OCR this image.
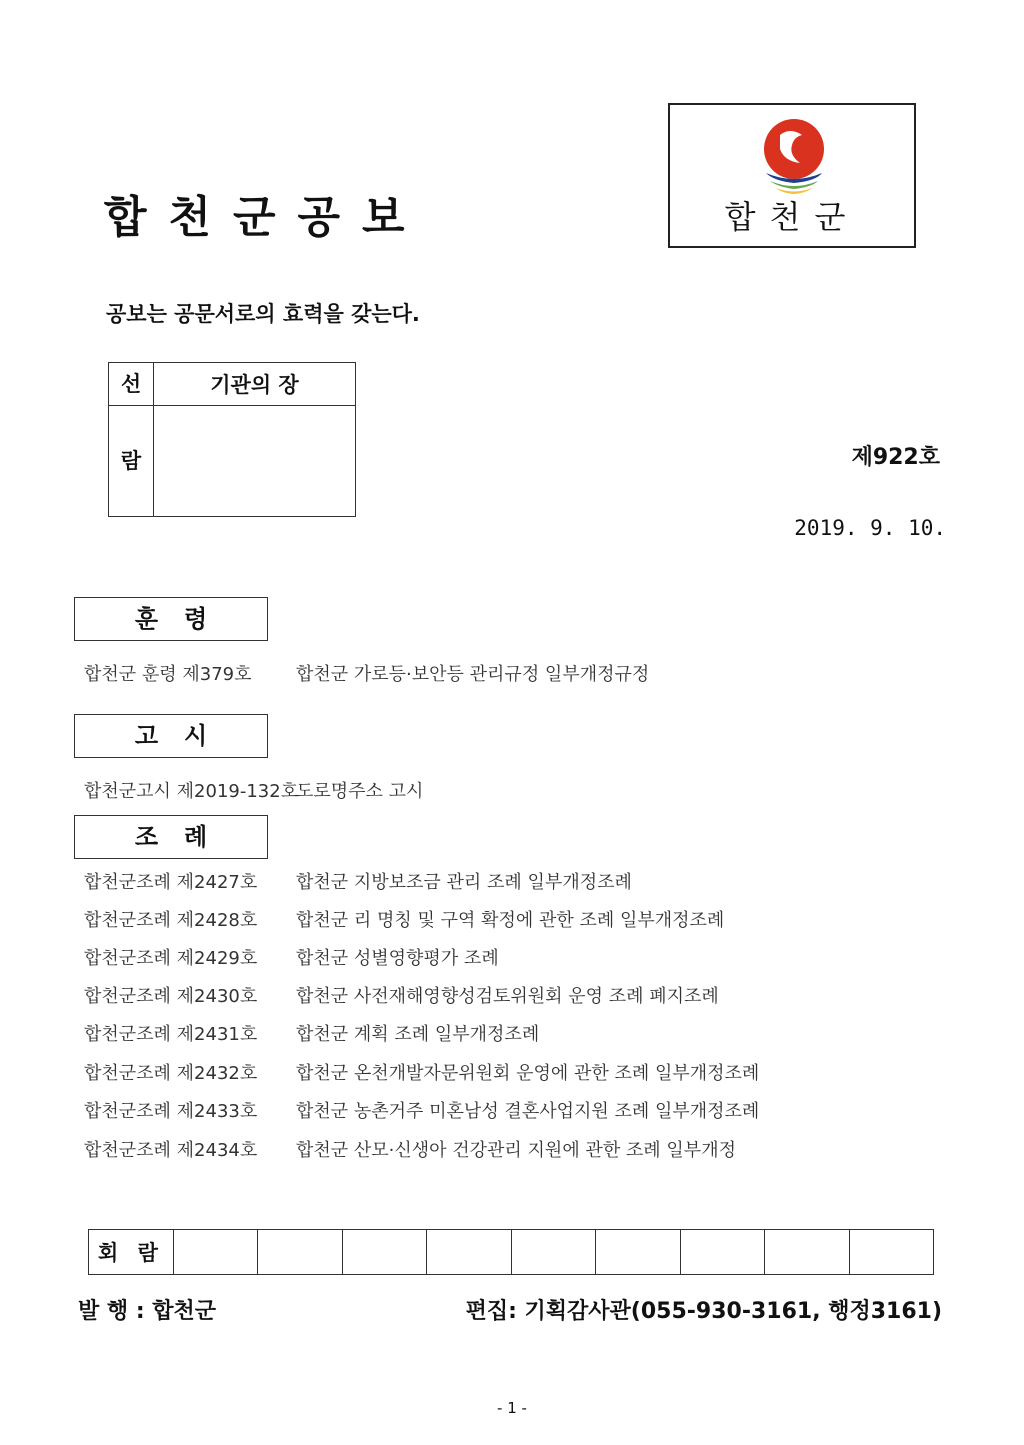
합천군공보	합천군
공보는 공문서로의 효력을 갖는다.
선	기관의 장
람		제922호
2019. 9. 10.
훈령
합천군 훈령 제379호 합천군 가로등·보안등 관리규정 일부개정규정
고시
합천군고시 제2019-132호도로명주소 고시
조례
합천군조례 제2427호 합천군 지방보조금 관리 조례 일부개정조례
합천군조례 제2428호 합천군 리 명칭 및 구역 확정에 관한 조례 일부개정조례
합천군조례 제2429호 합천군 성별영향평가 조례
합천군조례 제2430호 합천군 사전재해영향성검토위원회 운영 조례 폐지조례
합천군조례 제2431호 합천군 계획 조례 일부개정조례
합천군조례 제2432호 합천군 온천개발자문위원회 운영에 관한 조례 일부개정조례
합천군조례 제2433호 합천군 농촌거주 미혼남성 결혼사업지원 조례 일부개정조례
합천군조례 제2434호 합천군 산모·신생아 건강관리 지원에 관한 조례 일부개정
회 람									
발 행 : 합천군	편집: 기획감사관(055-930-3161, 행정3161)
- 1 -
